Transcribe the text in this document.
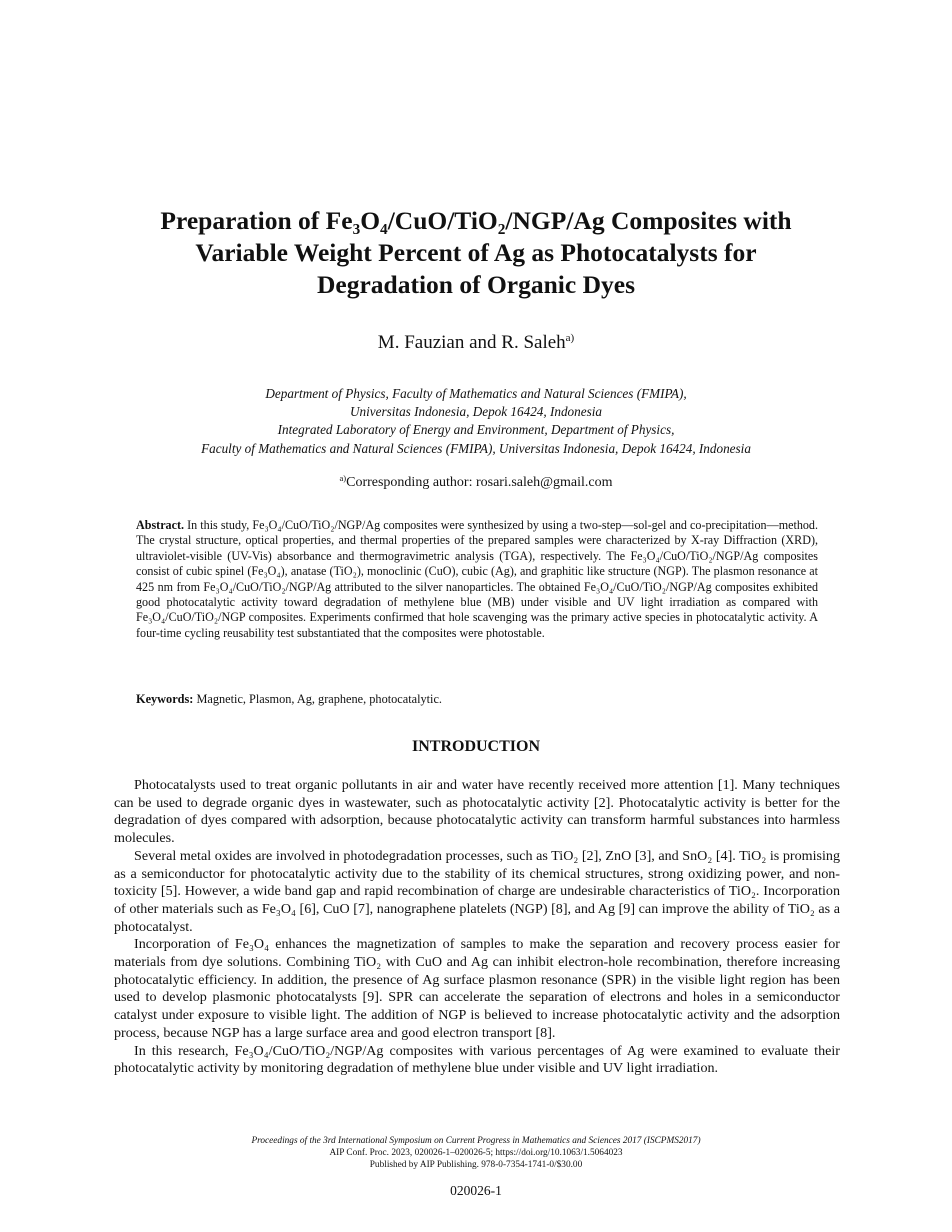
Preparation of Fe₃O₄/CuO/TiO₂/NGP/Ag Composites with
Variable Weight Percent of Ag as Photocatalysts for
Degradation of Organic Dyes
M. Fauzian and R. Saleh$^{a)}$
Department of Physics, Faculty of Mathematics and Natural Sciences (FMIPA),
Universitas Indonesia, Depok 16424, Indonesia
Integrated Laboratory of Energy and Environment, Department of Physics,
Faculty of Mathematics and Natural Sciences (FMIPA), Universitas Indonesia, Depok 16424, Indonesia
$^{a)}$Corresponding author: rosari.saleh@gmail.com
Abstract. In this study, Fe₃O₄/CuO/TiO₂/NGP/Ag composites were synthesized by using a two-step—sol-gel and co-precipitation—method. The crystal structure, optical properties, and thermal properties of the prepared samples were characterized by X-ray Diffraction (XRD), ultraviolet-visible (UV-Vis) absorbance and thermogravimetric analysis (TGA), respectively. The Fe₃O₄/CuO/TiO₂/NGP/Ag composites consist of cubic spinel (Fe₃O₄), anatase (TiO₂), monoclinic (CuO), cubic (Ag), and graphitic like structure (NGP). The plasmon resonance at 425 nm from Fe₃O₄/CuO/TiO₂/NGP/Ag attributed to the silver nanoparticles. The obtained Fe₃O₄/CuO/TiO₂/NGP/Ag composites exhibited good photocatalytic activity toward degradation of methylene blue (MB) under visible and UV light irradiation as compared with Fe₃O₄/CuO/TiO₂/NGP composites. Experiments confirmed that hole scavenging was the primary active species in photocatalytic activity. A four-time cycling reusability test substantiated that the composites were photostable.
Keywords: Magnetic, Plasmon, Ag, graphene, photocatalytic.
INTRODUCTION

Photocatalysts used to treat organic pollutants in air and water have recently received more attention [1]. Many techniques can be used to degrade organic dyes in wastewater, such as photocatalytic activity [2]. Photocatalytic activity is better for the degradation of dyes compared with adsorption, because photocatalytic activity can transform harmful substances into harmless molecules.

Several metal oxides are involved in photodegradation processes, such as TiO₂ [2], ZnO [3], and SnO₂ [4]. TiO₂ is promising as a semiconductor for photocatalytic activity due to the stability of its chemical structures, strong oxidizing power, and non-toxicity [5]. However, a wide band gap and rapid recombination of charge are undesirable characteristics of TiO₂. Incorporation of other materials such as Fe₃O₄ [6], CuO [7], nanographene platelets (NGP) [8], and Ag [9] can improve the ability of TiO₂ as a photocatalyst.

Incorporation of Fe₃O₄ enhances the magnetization of samples to make the separation and recovery process easier for materials from dye solutions. Combining TiO₂ with CuO and Ag can inhibit electron-hole recombination, therefore increasing photocatalytic efficiency. In addition, the presence of Ag surface plasmon resonance (SPR) in the visible light region has been used to develop plasmonic photocatalysts [9]. SPR can accelerate the separation of electrons and holes in a semiconductor catalyst under exposure to visible light. The addition of NGP is believed to increase photocatalytic activity and the adsorption process, because NGP has a large surface area and good electron transport [8].

In this research, Fe₃O₄/CuO/TiO₂/NGP/Ag composites with various percentages of Ag were examined to evaluate their photocatalytic activity by monitoring degradation of methylene blue under visible and UV light irradiation.

Proceedings of the 3rd International Symposium on Current Progress in Mathematics and Sciences 2017 (ISCPMS2017)
AIP Conf. Proc. 2023, 020026-1–020026-5; https://doi.org/10.1063/1.5064023
Published by AIP Publishing. 978-0-7354-1741-0/$30.00
020026-1
